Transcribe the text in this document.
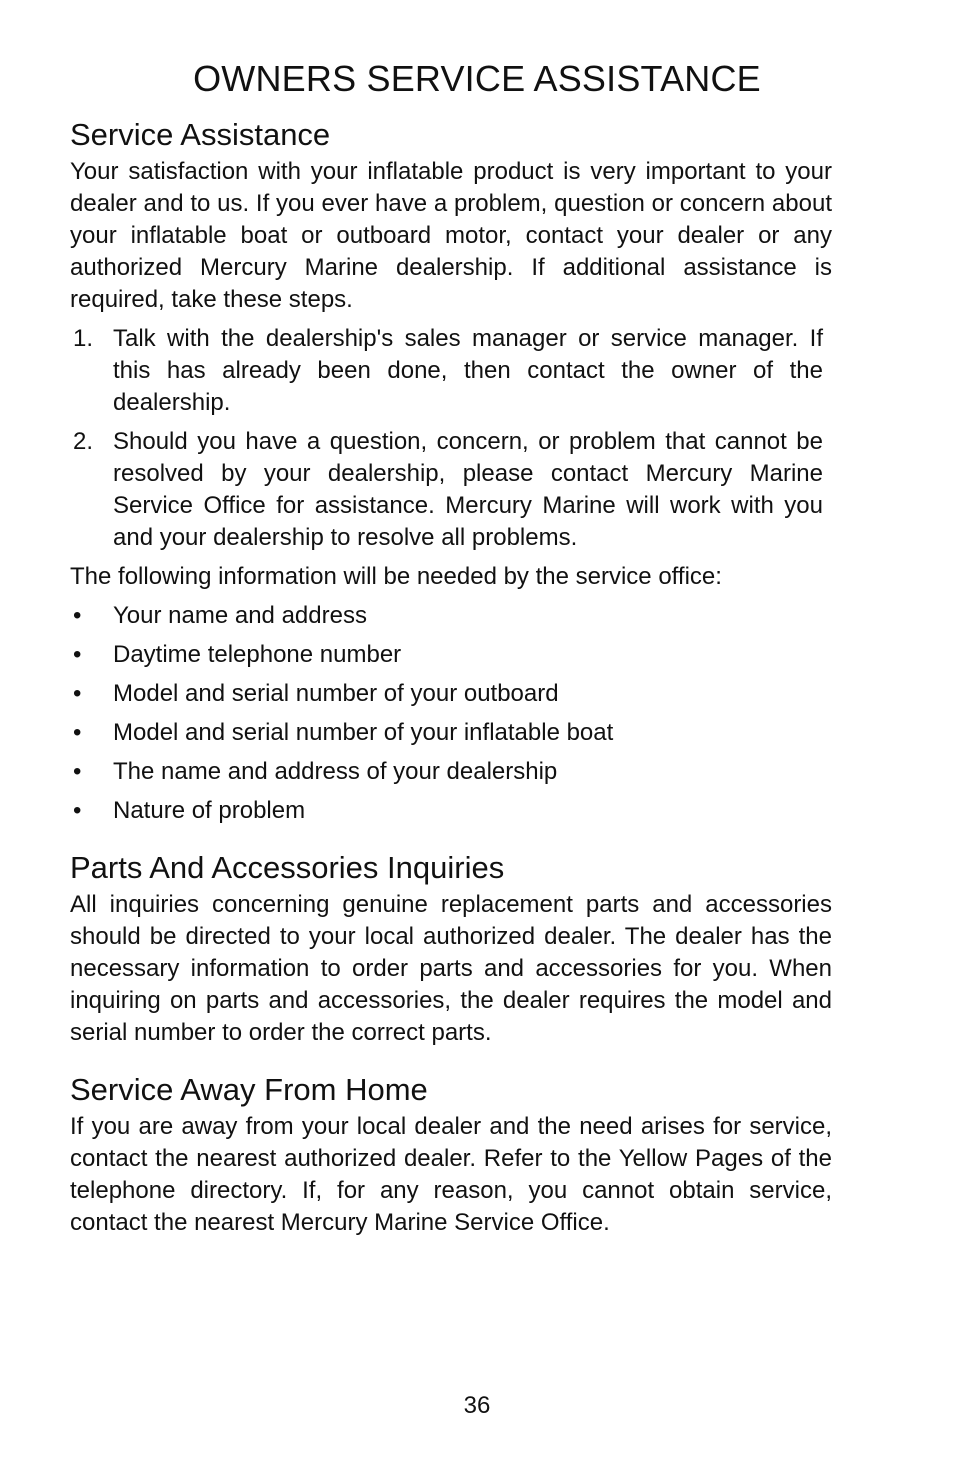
OWNERS SERVICE ASSISTANCE
Service Assistance

Your satisfaction with your inflatable product is very important to your dealer and to us. If you ever have a problem, question or concern about your inflatable boat or outboard motor, contact your dealer or any authorized Mercury Marine dealership. If additional assistance is required, take these steps.

1. Talk with the dealership's sales manager or service manager. If this has already been done, then contact the owner of the dealership.
2. Should you have a question, concern, or problem that cannot be resolved by your dealership, please contact Mercury Marine Service Office for assistance. Mercury Marine will work with you and your dealership to resolve all problems.

The following information will be needed by the service office:

• Your name and address
• Daytime telephone number
• Model and serial number of your outboard
• Model and serial number of your inflatable boat
• The name and address of your dealership
• Nature of problem
Parts And Accessories Inquiries

All inquiries concerning genuine replacement parts and accessories should be directed to your local authorized dealer. The dealer has the necessary information to order parts and accessories for you. When inquiring on parts and accessories, the dealer requires the model and serial number to order the correct parts.

Service Away From Home

If you are away from your local dealer and the need arises for service, contact the nearest authorized dealer. Refer to the Yellow Pages of the telephone directory. If, for any reason, you cannot obtain service, contact the nearest Mercury Marine Service Office.

36
